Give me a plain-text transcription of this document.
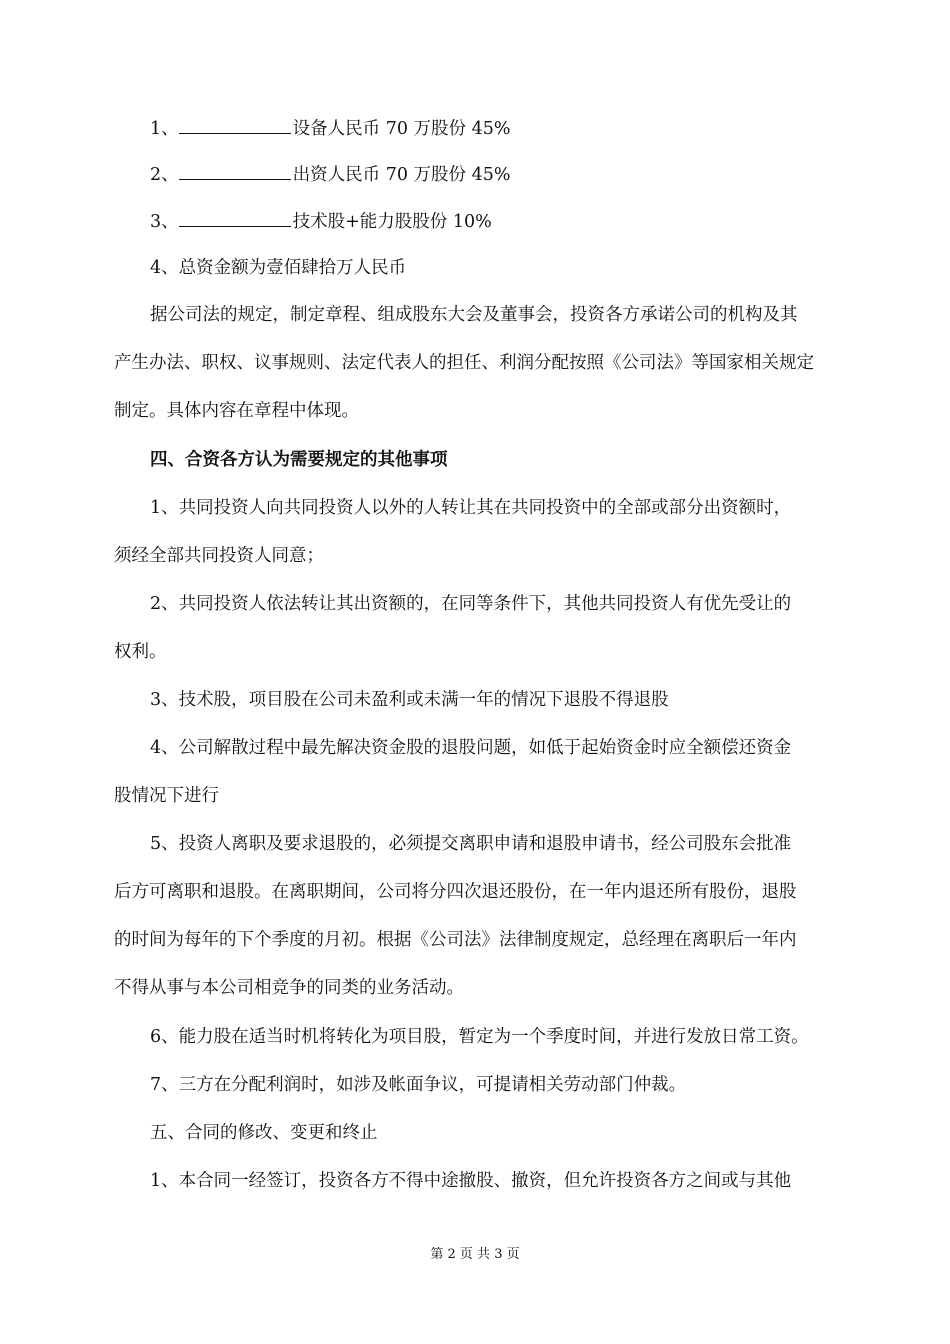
1、	设备人民币 70 万股份 45%
2、	出资人民币 70 万股份 45%
3、	技术股+能力股股份 10%
4、总资金额为壹佰肆拾万人民币
据公司法的规定，制定章程、组成股东大会及董事会，投资各方承诺公司的机构及其
产生办法、职权、议事规则、法定代表人的担任、利润分配按照《公司法》等国家相关规定
制定。具体内容在章程中体现。
四、合资各方认为需要规定的其他事项
1、共同投资人向共同投资人以外的人转让其在共同投资中的全部或部分出资额时，
须经全部共同投资人同意；
2、共同投资人依法转让其出资额的，在同等条件下，其他共同投资人有优先受让的
权利。
3、技术股，项目股在公司未盈利或未满一年的情况下退股不得退股
4、公司解散过程中最先解决资金股的退股问题，如低于起始资金时应全额偿还资金
股情况下进行
5、投资人离职及要求退股的，必须提交离职申请和退股申请书，经公司股东会批准
后方可离职和退股。在离职期间，公司将分四次退还股份，在一年内退还所有股份，退股
的时间为每年的下个季度的月初。根据《公司法》法律制度规定，总经理在离职后一年内
不得从事与本公司相竞争的同类的业务活动。
6、能力股在适当时机将转化为项目股，暂定为一个季度时间，并进行发放日常工资。
7、三方在分配利润时，如涉及帐面争议，可提请相关劳动部门仲裁。
五、合同的修改、变更和终止
1、本合同一经签订，投资各方不得中途撤股、撤资，但允许投资各方之间或与其他
第 2 页 共 3 页
